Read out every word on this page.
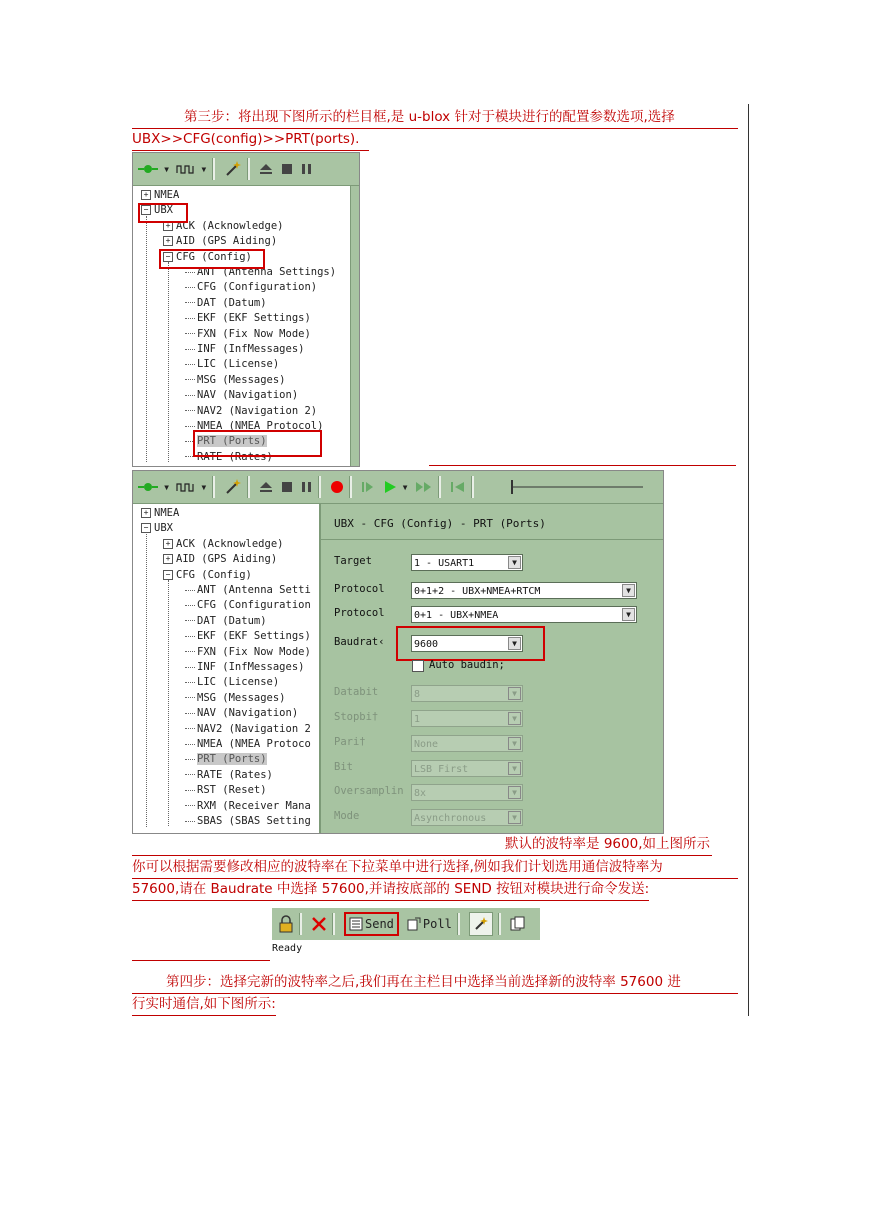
第三步：将出现下图所示的栏目框,是 u-blox 针对于模块进行的配置参数选项,选择
UBX>>CFG(config)>>PRT(ports).
▾	▾
+ NMEA
− UBX
+ ACK (Acknowledge)
+ AID (GPS Aiding)
− CFG (Config)
ANT (Antenna Settings)
CFG (Configuration)
DAT (Datum)
EKF (EKF Settings)
FXN (Fix Now Mode)
INF (InfMessages)
LIC (License)
MSG (Messages)
NAV (Navigation)
NAV2 (Navigation 2)
NMEA (NMEA Protocol)
PRT (Ports)
RATE (Rates)
▾	▾	▾
+ NMEA
− UBX
+ ACK (Acknowledge)
+ AID (GPS Aiding)
− CFG (Config)
ANT (Antenna Setti
CFG (Configuration
DAT (Datum)
EKF (EKF Settings)
FXN (Fix Now Mode)
INF (InfMessages)
LIC (License)
MSG (Messages)
NAV (Navigation)
NAV2 (Navigation 2
NMEA (NMEA Protoco
PRT (Ports)
RATE (Rates)
RST (Reset)
RXM (Receiver Mana
SBAS (SBAS Setting
UBX - CFG (Config) - PRT (Ports)
Target	1 - USART1	▼
Protocol	0+1+2 - UBX+NMEA+RTCM	▼
Protocol	0+1 - UBX+NMEA	▼
Baudrat‹	9600	▼
Auto baudin;
Databit	8	▼
Stopbi†	1	▼
Pari†	None	▼
Bit	LSB First	▼
Oversamplin	8x	▼
Mode	Asynchronous	▼
默认的波特率是 9600,如上图所示
你可以根据需要修改相应的波特率在下拉菜单中进行选择,例如我们计划选用通信波特率为
57600,请在 Baudrate 中选择 57600,并请按底部的 SEND 按钮对模块进行命令发送:
Send Poll
Ready
第四步：选择完新的波特率之后,我们再在主栏目中选择当前选择新的波特率 57600 进
行实时通信,如下图所示:
